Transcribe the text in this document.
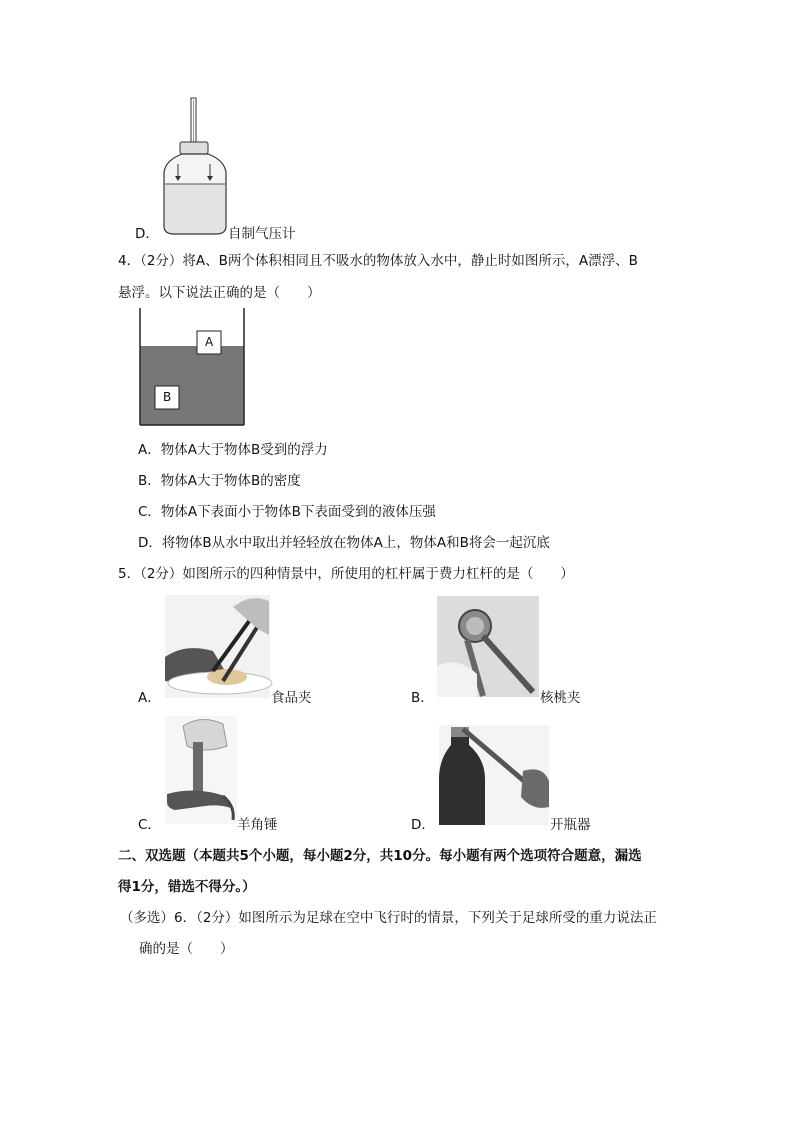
D．	自制气压计
4．（2分）将A、B两个体积相同且不吸水的物体放入水中，静止时如图所示，A漂浮、B
悬浮。以下说法正确的是（　　）
A
B
A．物体A大于物体B受到的浮力
B．物体A大于物体B的密度
C．物体A下表面小于物体B下表面受到的液体压强
D．将物体B从水中取出并轻轻放在物体A上，物体A和B将会一起沉底
5．（2分）如图所示的四种情景中，所使用的杠杆属于费力杠杆的是（　　）
A．	食品夹	B．	核桃夹
C．	羊角锤	D．	开瓶器
二、双选题（本题共5个小题，每小题2分，共10分。每小题有两个选项符合题意，漏选
得1分，错选不得分。）
（多选）6．（2分）如图所示为足球在空中飞行时的情景，下列关于足球所受的重力说法正
确的是（　　）
